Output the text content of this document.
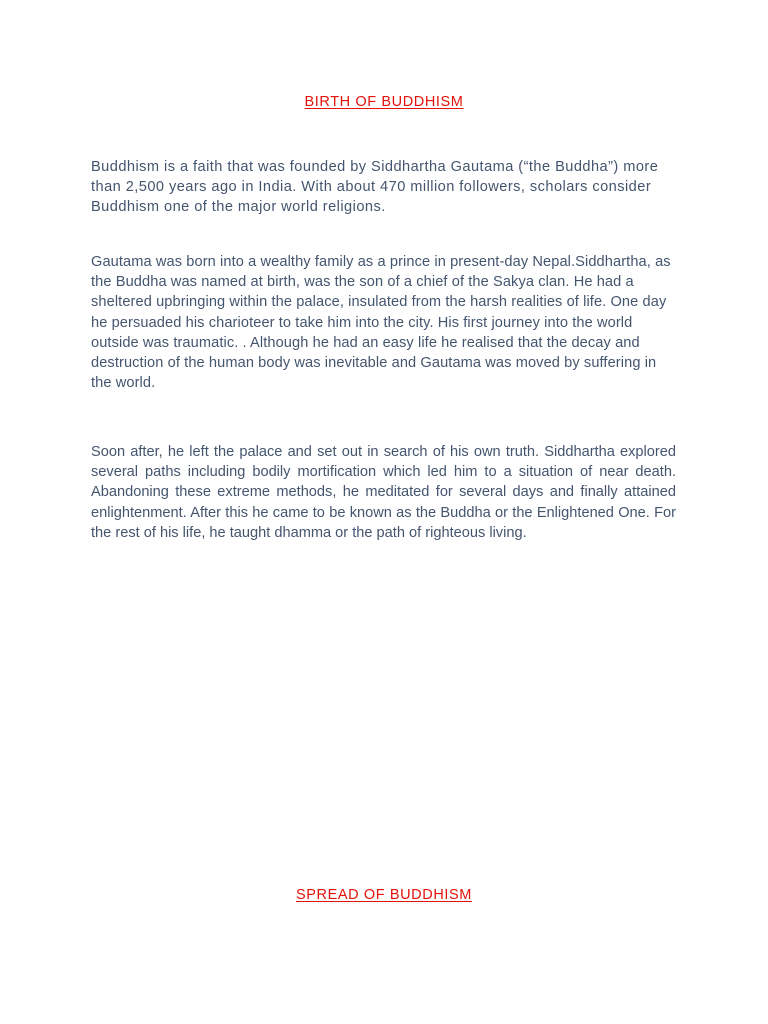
BIRTH OF BUDDHISM

Buddhism is a faith that was founded by Siddhartha Gautama (“the Buddha”) more than 2,500 years ago in India. With about 470 million followers, scholars consider Buddhism one of the major world religions.

Gautama was born into a wealthy family as a prince in present-day Nepal.Siddhartha, as the Buddha was named at birth, was the son of a chief of the Sakya clan. He had a sheltered upbringing within the palace, insulated from the harsh realities of life. One day he persuaded his charioteer to take him into the city. His first journey into the world outside was traumatic. . Although he had an easy life he realised that the decay and destruction of the human body was inevitable and Gautama was moved by suffering in the world.

Soon after, he left the palace and set out in search of his own truth. Siddhartha explored several paths including bodily mortification which led him to a situation of near death. Abandoning these extreme methods, he meditated for several days and finally attained enlightenment. After this he came to be known as the Buddha or the Enlightened One. For the rest of his life, he taught dhamma or the path of righteous living.

SPREAD OF BUDDHISM
